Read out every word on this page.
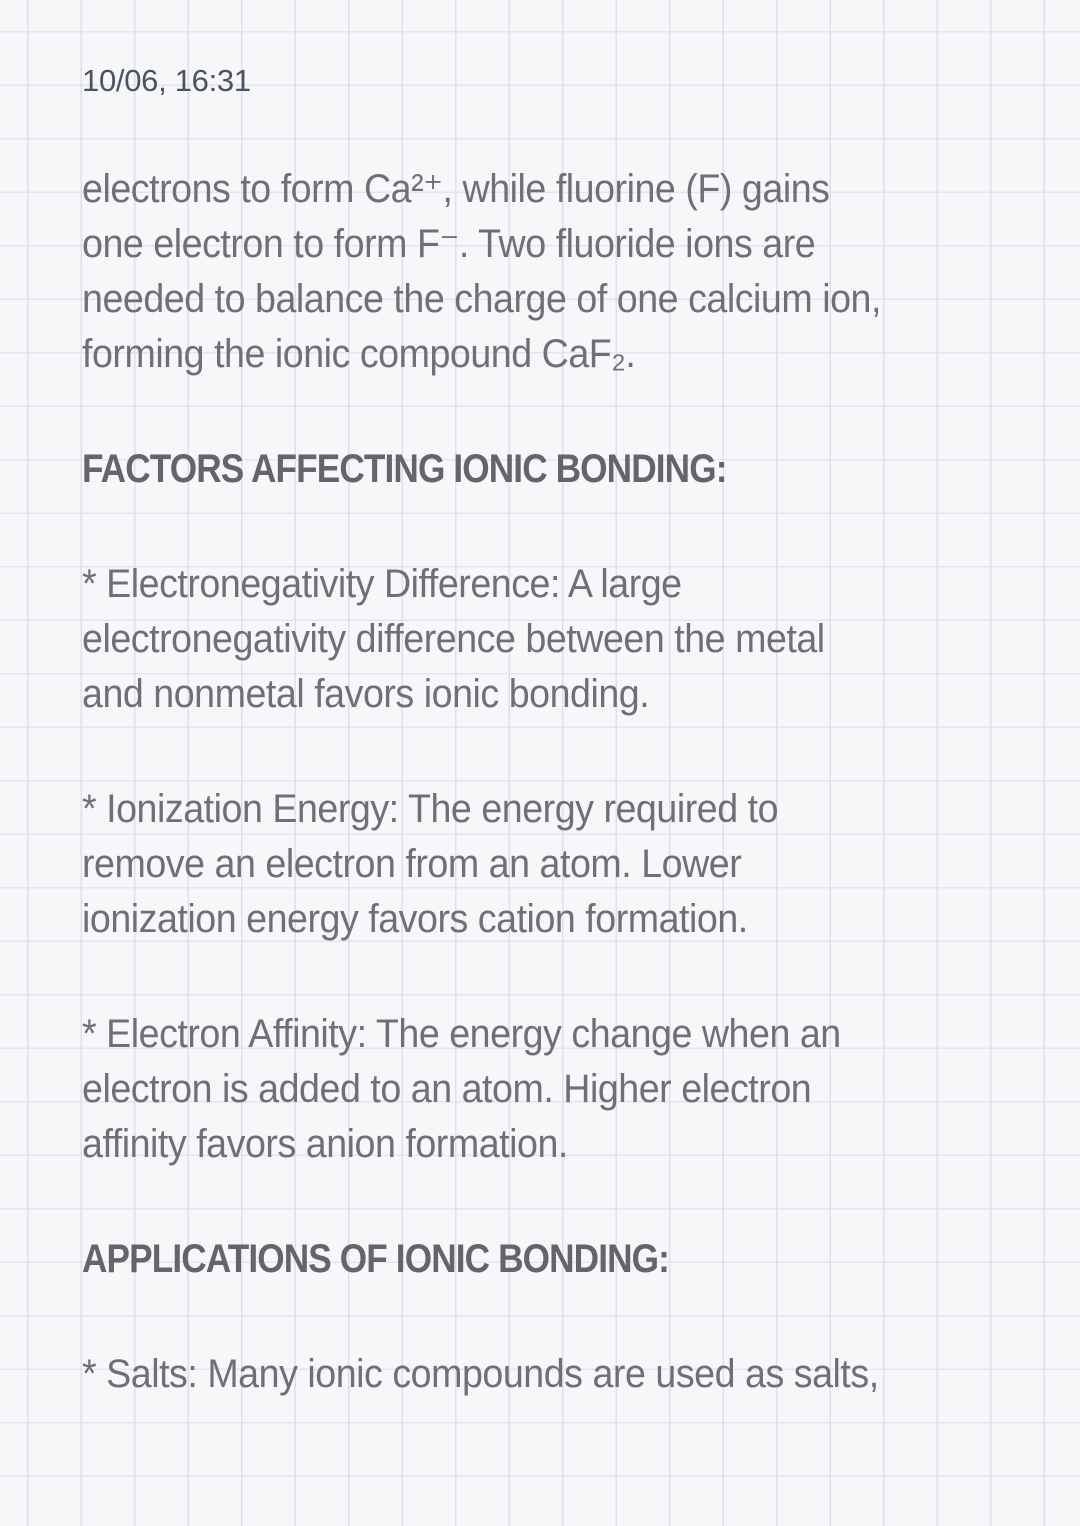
10/06, 16:31
electrons to form Ca²⁺, while fluorine (F) gains
one electron to form F⁻. Two fluoride ions are
needed to balance the charge of one calcium ion,
forming the ionic compound CaF₂.
FACTORS AFFECTING IONIC BONDING:
* Electronegativity Difference: A large
electronegativity difference between the metal
and nonmetal favors ionic bonding.
* Ionization Energy: The energy required to
remove an electron from an atom. Lower
ionization energy favors cation formation.
* Electron Affinity: The energy change when an
electron is added to an atom. Higher electron
affinity favors anion formation.
APPLICATIONS OF IONIC BONDING:
* Salts: Many ionic compounds are used as salts,
